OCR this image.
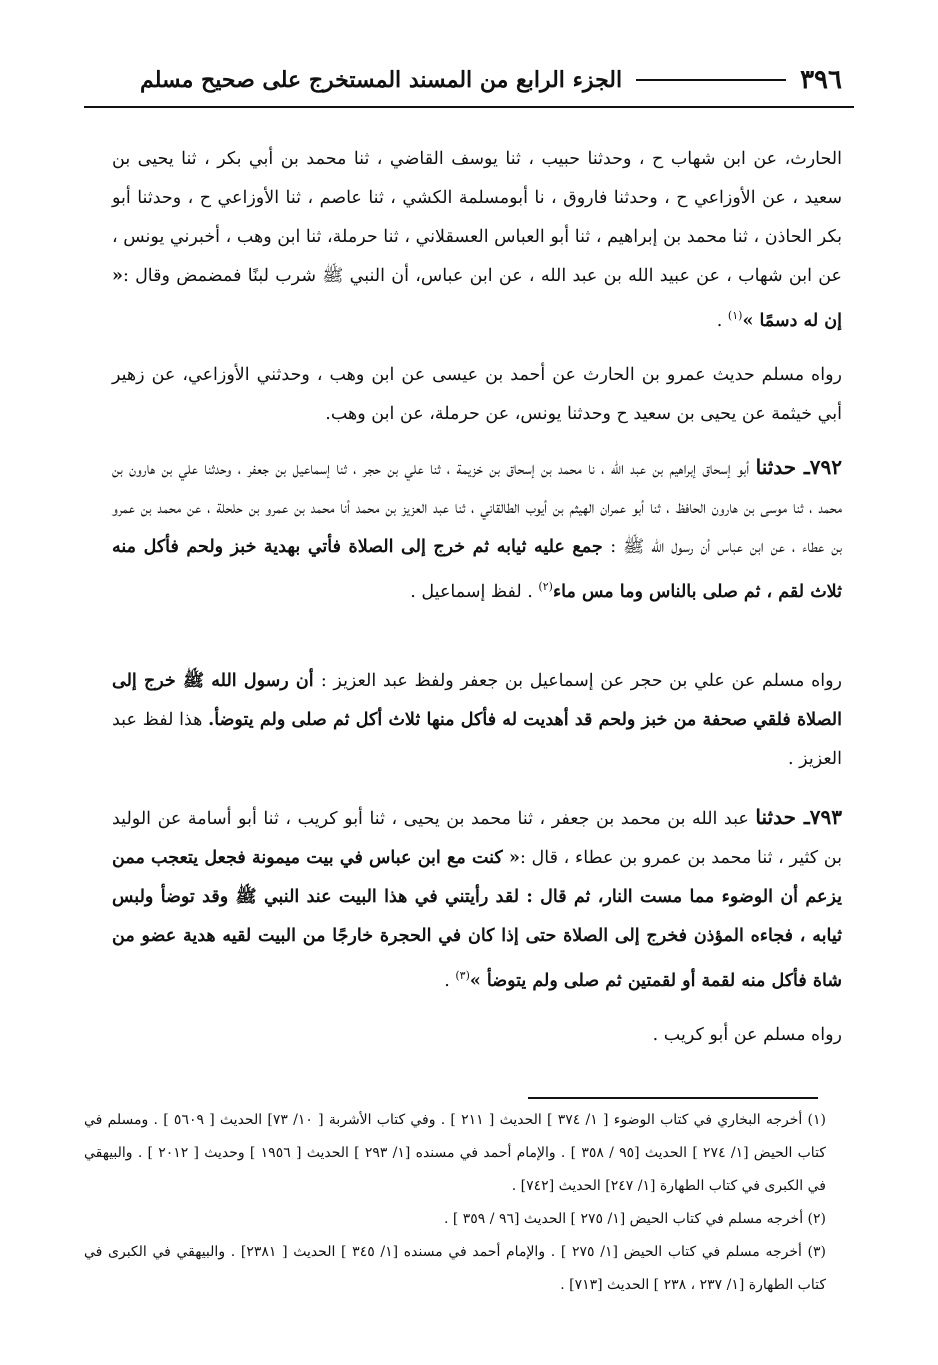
٣٩٦
الجزء الرابع من المسند المستخرج على صحيح مسلم

الحارث، عن ابن شهاب ح ، وحدثنا حبيب ، ثنا يوسف القاضي ، ثنا محمد بن أبي بكر ، ثنا يحيى بن سعيد ، عن الأوزاعي ح ، وحدثنا فاروق ، نا أبومسلمة الكشي ، ثنا عاصم ، ثنا الأوزاعي ح ، وحدثنا أبو بكر الحاذن ، ثنا محمد بن إبراهيم ، ثنا أبو العباس العسقلاني ، ثنا حرملة، ثنا ابن وهب ، أخبرني يونس ، عن ابن شهاب ، عن عبيد الله بن عبد الله ، عن ابن عباس، أن النبي ﷺ شرب لبنًا فمضمض وقال :« إن له دسمًا »$^{(١)}$ .

رواه مسلم حديث عمرو بن الحارث عن أحمد بن عيسى عن ابن وهب ، وحدثني الأوزاعي، عن زهير أبي خيثمة عن يحيى بن سعيد ح وحدثنا يونس، عن حرملة، عن ابن وهب.

٧٩٢ـ حدثنا أبو إسحاق إبراهيم بن عبد الله ، نا محمد بن إسحاق بن خزيمة ، ثنا علي بن حجر ، ثنا إسماعيل بن جعفر ، وحدثنا علي بن هارون بن محمد ، ثنا موسى بن هارون الحافظ ، ثنا أبو عمران الهيثم بن أيوب الطالقاني ، ثنا عبد العزيز بن محمد أنا محمد بن عمرو بن حلحلة ، عن محمد بن عمرو بن عطاء ، عن ابن عباس أن رسول الله ﷺ : جمع عليه ثيابه ثم خرج إلى الصلاة فأتي بهدية خبز ولحم فأكل منه ثلاث لقم ، ثم صلى بالناس وما مس ماء$^{(٢)}$ . لفظ إسماعيل .

رواه مسلم عن علي بن حجر عن إسماعيل بن جعفر ولفظ عبد العزيز : أن رسول الله ﷺ خرج إلى الصلاة فلقي صحفة من خبز ولحم قد أهديت له فأكل منها ثلاث أكل ثم صلى ولم يتوضأ. هذا لفظ عبد العزيز .

٧٩٣ـ حدثنا عبد الله بن محمد بن جعفر ، ثنا محمد بن يحيى ، ثنا أبو كريب ، ثنا أبو أسامة عن الوليد بن كثير ، ثنا محمد بن عمرو بن عطاء ، قال :« كنت مع ابن عباس في بيت ميمونة فجعل يتعجب ممن يزعم أن الوضوء مما مست النار، ثم قال : لقد رأيتني في هذا البيت عند النبي ﷺ وقد توضأ ولبس ثيابه ، فجاءه المؤذن فخرج إلى الصلاة حتى إذا كان في الحجرة خارجًا من البيت لقيه هدية عضو من شاة فأكل منه لقمة أو لقمتين ثم صلى ولم يتوضأ »$^{(٣)}$ .

رواه مسلم عن أبو كريب .

(١) أخرجه البخاري في كتاب الوضوء [ ١/ ٣٧٤ ] الحديث [ ٢١١ ] . وفي كتاب الأشربة [ ١٠/ ٧٣] الحديث [ ٥٦٠٩ ] . ومسلم في كتاب الحيض [١/ ٢٧٤ ] الحديث [٩٥ / ٣٥٨ ] . والإمام أحمد في مسنده [١/ ٢٩٣ ] الحديث [ ١٩٥٦ ] وحديث [ ٢٠١٢ ] . والبيهقي في الكبرى في كتاب الطهارة [١/ ٢٤٧] الحديث [٧٤٢] .

(٢) أخرجه مسلم في كتاب الحيض [١/ ٢٧٥ ] الحديث [٩٦ / ٣٥٩ ] .

(٣) أخرجه مسلم في كتاب الحيض [١/ ٢٧٥ ] . والإمام أحمد في مسنده [١/ ٣٤٥ ] الحديث [ ٢٣٨١] . والبيهقي في الكبرى في كتاب الطهارة [١/ ٢٣٧ ، ٢٣٨ ] الحديث [٧١٣] .
